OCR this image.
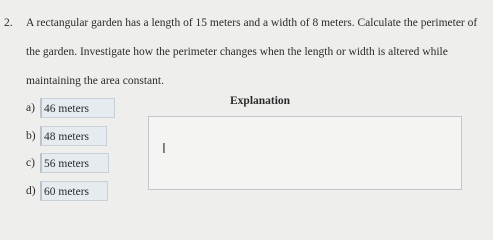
2. A rectangular garden has a length of 15 meters and a width of 8 meters. Calculate the perimeter of
the garden. Investigate how the perimeter changes when the length or width is altered while
maintaining the area constant.
a) 46 meters
b) 48 meters
c) 56 meters
d) 60 meters
Explanation
I
